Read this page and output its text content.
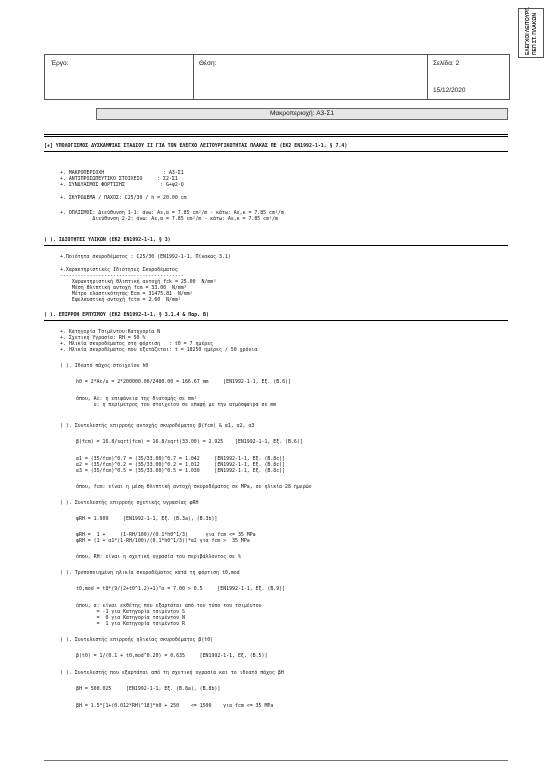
ΕΛΕΓΧΟΙ ΛΕΙΤΟΥΡΓ. ΠΕΠ ΣΤ. ΠΛΑΚΩΝ
Έργο:	Θέση:	Σελίδα: 2
15/12/2020
Μακροπεριοχή: A3-Σ1
[+] ΥΠΟΛΟΓΙΣΜΟΣ ΔΥΣΚΑΜΨΙΑΣ ΣΤΑΔΙΟΥ ΙΙ ΓΙΑ ΤΟΝ ΕΛΕΓΧΟ ΛΕΙΤΟΥΡΓΙΚΟΤΗΤΑΣ ΠΛΑΚΑΣ ΠΕ (ΕΚ2 EN1992-1-1, § 7.4)
+. ΜΑΚΡΟΠΕΡΙΟΧΗ                    : A3-Σ1
+. ΑΝΤΙΠΡΟΣΩΠΕΥΤΙΚΟ ΣΤΟΙΧΕΙΟ     : Σ2-Σ1
+. ΣΥΝΔΥΑΣΜΟΣ ΦΟΡΤΙΣΗΣ            : G+ψ2·Q
+. ΣΚΥΡΟΔΕΜΑ / ΠΑΧΟΣ: C25/30 / h = 20.00 cm
+. ΟΠΛΙΣΜΟΣ: Διεύθυνση 1-1: άνω: As,α = 7.85 cm²/m - κάτω: As,κ = 7.85 cm²/m
Διεύθυνση 2-2: άνω: As,α = 7.85 cm²/m - κάτω: As,κ = 7.85 cm²/m
( ). ΙΔΙΟΤΗΤΕΣ ΥΛΙΚΩΝ (ΕΚ2 EN1992-1-1, § 3)
+.Ποιότητα σκυροδέματος : C25/30 (EN1992-1-1, Πίνακας 3.1)
+.Χαρακτηριστικές Ιδιότητες Σκυροδέματος
------------------------------------------
Χαρακτηριστική θλιπτική αντοχή fck = 25.00  N/mm²
Μέση θλιπτική αντοχή fcm = 33.00  N/mm²
Μέτρο ελαστικότητας Ecm = 31475.81  N/mm²
Εφελκυστική αντοχή fctm = 2.60  N/mm²
( ). ΕΠΙΡΡΟΗ ΕΡΠΥΣΜΟΥ (ΕΚ2 EN1992-1-1, § 3.1.4 & Παρ. B)
+. Κατηγορία Τσιμέντου:Κατηγορία N
+. Σχετική Υγρασία: RH = 50 %
+. Ηλικία σκυροδέματος στη φόρτιση   : t0 = 7 ημέρες
+. Ηλικία σκυροδέματος που εξετάζεται: t = 18250 ημέρες / 50 χρόνια
( ). Ιδεατό πάχος στοιχείου h0
h0 = 2*Ac/u = 2*200000.00/2400.00 = 166.67 mm     [EN1992-1-1, Εξ. (B.6)]
όπου, Ac: η επιφάνεια της διατομής σε mm²
u: η περίμετρος του στοιχείου σε επαφή με την ατμόσφαιρα σε mm
( ). Συντελεστής επιρροής αντοχής σκυροδέματος β(fcm) & α1, α2, α3
β(fcm) = 16.8/sqrt(fcm) = 16.8/sqrt(33.00) = 2.925    [EN1992-1-1, Εξ. (B.6)]
α1 = (35/fcm)^0.7 = (35/33.00)^0.7 = 1.042     [EN1992-1-1, Εξ. (B.8c)]
α2 = (35/fcm)^0.2 = (35/33.00)^0.2 = 1.012     [EN1992-1-1, Εξ. (B.8c)]
α3 = (35/fcm)^0.5 = (35/33.00)^0.5 = 1.030     [EN1992-1-1, Εξ. (B.8c)]
όπου, fcm: είναι η μέση θλιπτική αντοχή σκυροδέματος σε MPa, σε ηλικία 28 ημερών
( ). Συντελεστής επιρροής σχετικής υγρασίας φRH
φRH = 1.909     [EN1992-1-1, Εξ. (B.3a), (B.3b)]
φRH =  1 +     (1-RH/100)/(0.1*h0^1/3)      για fcm <= 35 MPa
φRH = (1 + α1*(1-RH/100)/(0.1*h0^1/3))*α2 για fcm >  35 MPa
όπου, RH: είναι η σχετική υγρασία του περιβάλλοντος σε %
( ). Τροποποιημένη ηλικία σκυροδέματος κατά τη φόρτιση t0,mod
t0,mod = t0*(9/(2+t0^1.2)+1)^α = 7.00 > 0.5     [EN1992-1-1, Εξ. (B.9)]
όπου, α: είναι εκθέτης που εξαρτάται από τον τύπο του τσιμέντου
= -1 για Κατηγορία τσιμέντου S
=  0 για Κατηγορία τσιμέντου N
=  1 για Κατηγορία τσιμέντου R
( ). Συντελεστής επιρροής ηλικίας σκυροδέματος β(t0)
β(t0) = 1/(0.1 + t0,mod^0.20) = 0.635     [EN1992-1-1, Εξ. (B.5)]
( ). Συντελεστής που εξαρτάται από τη σχετική υγρασία και το ιδεατό πάχος βH
βH = 500.025     [EN1992-1-1, Εξ. (B.8a), (B.8b)]
βH = 1.5*[1+(0.012*RH)^18]*h0 + 250    <= 1500    για fcm <= 35 MPa
